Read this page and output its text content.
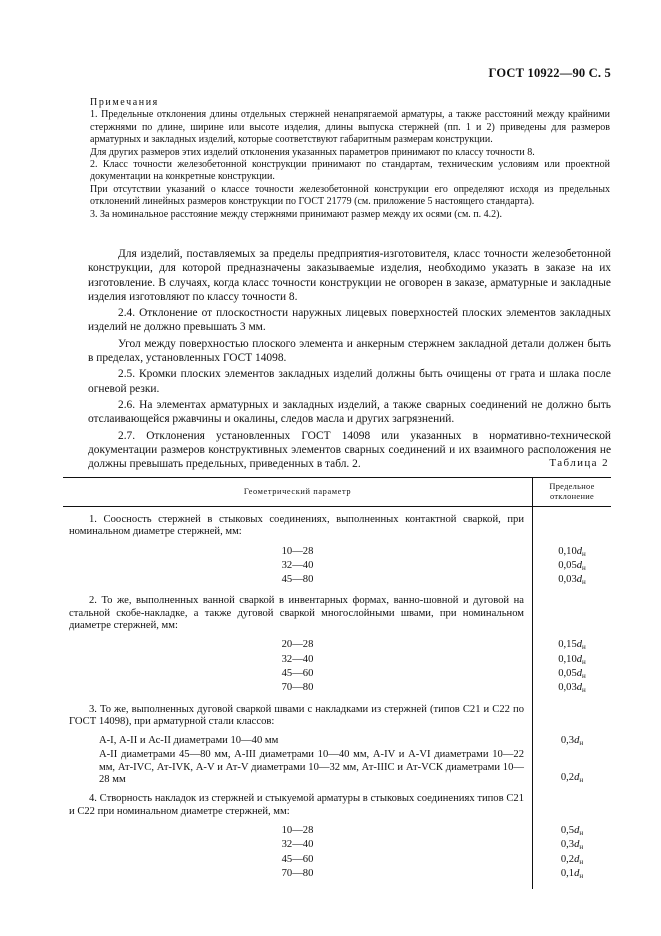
ГОСТ 10922—90 С. 5

Примечания

1. Предельные отклонения длины отдельных стержней ненапрягаемой арматуры, а также расстояний между крайними стержнями по длине, ширине или высоте изделия, длины выпуска стержней (пп. 1 и 2) приведены для размеров арматурных и закладных изделий, которые соответствуют габаритным размерам конструкции.

Для других размеров этих изделий отклонения указанных параметров принимают по классу точности 8.

2. Класс точности железобетонной конструкции принимают по стандартам, техническим условиям или проектной документации на конкретные конструкции.

При отсутствии указаний о классе точности железобетонной конструкции его определяют исходя из предельных отклонений линейных размеров конструкции по ГОСТ 21779 (см. приложение 5 настоящего стандарта).

3. За номинальное расстояние между стержнями принимают размер между их осями (см. п. 4.2).

Для изделий, поставляемых за пределы предприятия-изготовителя, класс точности железобетонной конструкции, для которой предназначены заказываемые изделия, необходимо указать в заказе на их изготовление. В случаях, когда класс точности конструкции не оговорен в заказе, арматурные и закладные изделия изготовляют по классу точности 8.

2.4. Отклонение от плоскостности наружных лицевых поверхностей плоских элементов закладных изделий не должно превышать 3 мм.

Угол между поверхностью плоского элемента и анкерным стержнем закладной детали должен быть в пределах, установленных ГОСТ 14098.

2.5. Кромки плоских элементов закладных изделий должны быть очищены от грата и шлака после огневой резки.

2.6. На элементах арматурных и закладных изделий, а также сварных соединений не должно быть отслаивающейся ржавчины и окалины, следов масла и других загрязнений.

2.7. Отклонения установленных ГОСТ 14098 или указанных в нормативно-технической документации размеров конструктивных элементов сварных соединений и их взаимного расположения не должны превышать предельных, приведенных в табл. 2.	Таблица 2
Геометрический параметр	Предельное отклонение

1. Соосность стержней в стыковых соединениях, выполненных контактной сваркой, при номинальном диаметре стержней, мм:	

10—28	$0,10d_н$
32—40	$0,05d_н$
45—80	$0,03d_н$

2. То же, выполненных ванной сваркой в инвентарных формах, ванно-шовной и дуговой на стальной скобе-накладке, а также дуговой сваркой многослойными швами, при номинальном диаметре стержней, мм:	

20—28	$0,15d_н$
32—40	$0,10d_н$
45—60	$0,05d_н$
70—80	$0,03d_н$

3. То же, выполненных дуговой сваркой швами с накладками из стержней (типов С21 и С22 по ГОСТ 14098), при арматурной стали классов:	

А-I, А-II и Ас-II диаметрами 10—40 мм	$0,3d_н$
А-II диаметрами 45—80 мм, А-III диаметрами 10—40 мм, А-IV и А-VI диаметрами 10—22 мм, Ат-IVС, Ат-IVК, А-V и Ат-V диаметрами 10—32 мм, Ат-IIIС и Ат-VСК диаметрами 10—28 мм	$0,2d_н$

4. Створность накладок из стержней и стыкуемой арматуры в стыковых соединениях типов С21 и С22 при номинальном диаметре стержней, мм:	

10—28	$0,5d_н$
32—40	$0,3d_н$
45—60	$0,2d_н$
70—80	$0,1d_н$
